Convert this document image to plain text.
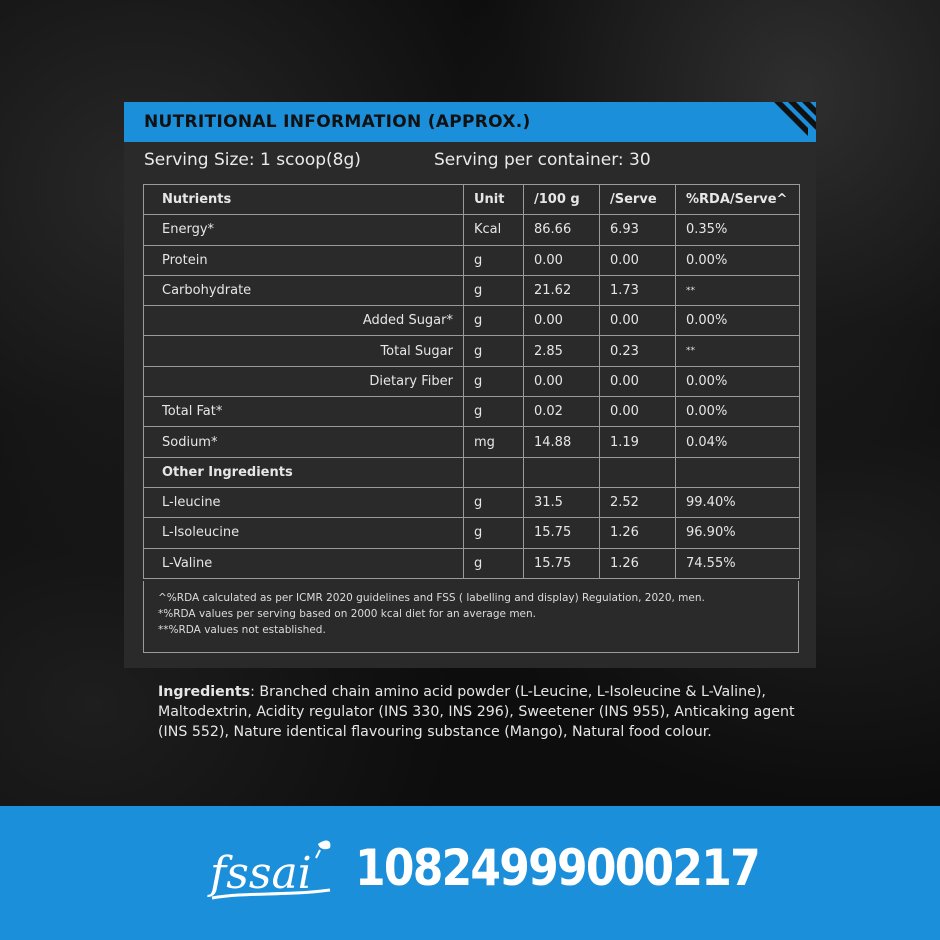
NUTRITIONAL INFORMATION (APPROX.)
Serving Size: 1 scoop(8g)	Serving per container: 30
Nutrients	Unit	/100 g	/Serve	%RDA/Serve^
Energy*	Kcal	86.66	6.93	0.35%
Protein	g	0.00	0.00	0.00%
Carbohydrate	g	21.62	1.73	**
Added Sugar*	g	0.00	0.00	0.00%
Total Sugar	g	2.85	0.23	**
Dietary Fiber	g	0.00	0.00	0.00%
Total Fat*	g	0.02	0.00	0.00%
Sodium*	mg	14.88	1.19	0.04%
Other Ingredients				
L-leucine	g	31.5	2.52	99.40%
L-Isoleucine	g	15.75	1.26	96.90%
L-Valine	g	15.75	1.26	74.55%
^%RDA calculated as per ICMR 2020 guidelines and FSS ( labelling and display) Regulation, 2020, men.
*%RDA values per serving based on 2000 kcal diet for an average men.
**%RDA values not established.
Ingredients: Branched chain amino acid powder (L-Leucine, L-Isoleucine & L-Valine), Maltodextrin, Acidity regulator (INS 330, INS 296), Sweetener (INS 955), Anticaking agent (INS 552), Nature identical flavouring substance (Mango), Natural food colour.
fssai 10824999000217
